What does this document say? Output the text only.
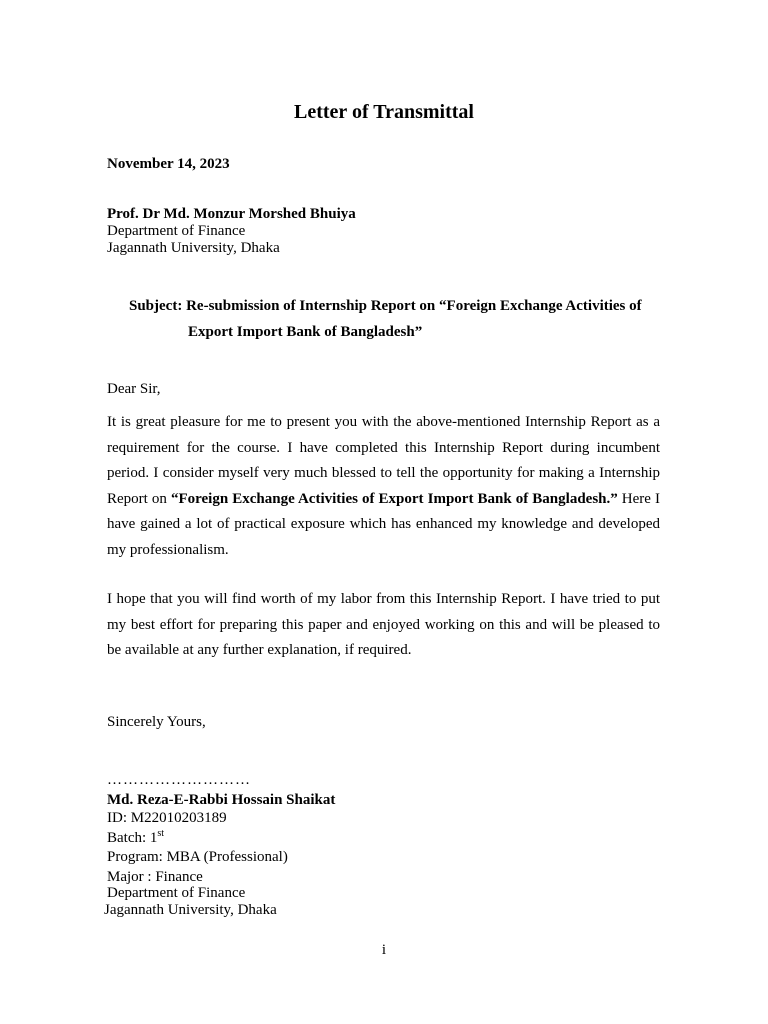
Letter of Transmittal
November 14, 2023
Prof. Dr Md. Monzur Morshed Bhuiya
Department of Finance
Jagannath University, Dhaka
Subject: Re-submission of Internship Report on “Foreign Exchange Activities of
Export Import Bank of Bangladesh”
Dear Sir,
It is great pleasure for me to present you with the above-mentioned Internship Report as a requirement for the course. I have completed this Internship Report during incumbent period. I consider myself very much blessed to tell the opportunity for making a Internship Report on “Foreign Exchange Activities of Export Import Bank of Bangladesh.” Here I have gained a lot of practical exposure which has enhanced my knowledge and developed my professionalism.
I hope that you will find worth of my labor from this Internship Report. I have tried to put my best effort for preparing this paper and enjoyed working on this and will be pleased to be available at any further explanation, if required.
Sincerely Yours,
………………………
Md. Reza-E-Rabbi Hossain Shaikat
ID: M22010203189
Batch: 1st
Program: MBA (Professional)
Major : Finance
Department of Finance
Jagannath University, Dhaka
i
